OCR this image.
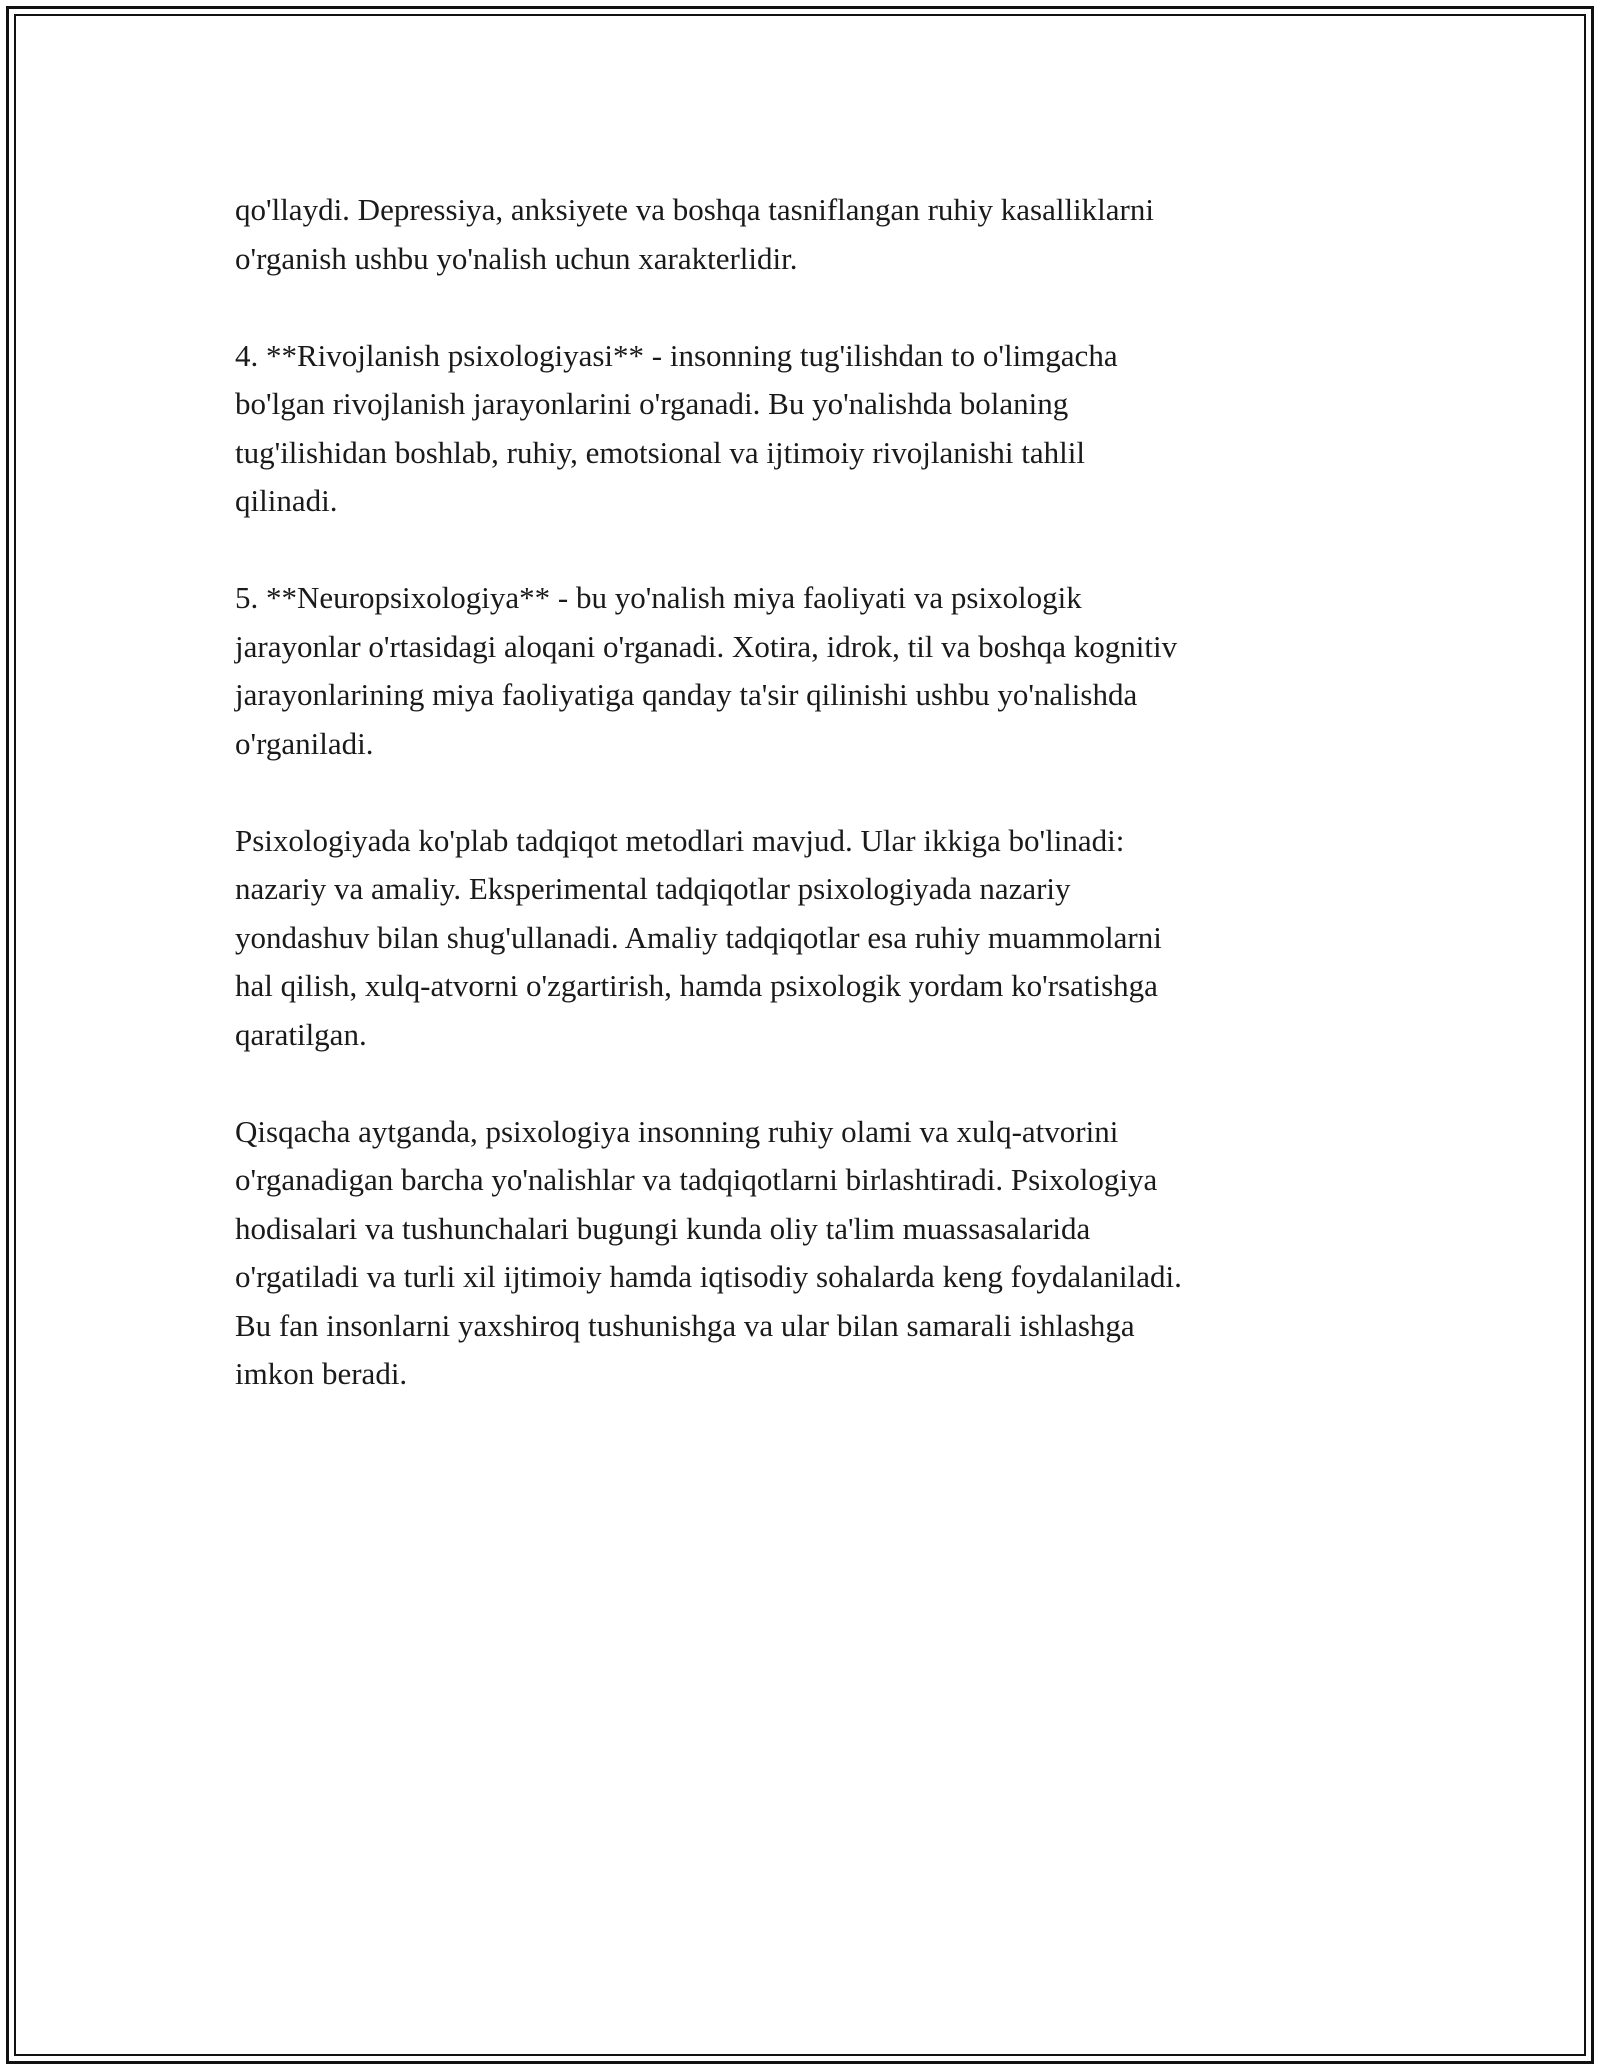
qo'llaydi. Depressiya, anksiyete va boshqa tasniflangan ruhiy kasalliklarni
o'rganish ushbu yo'nalish uchun xarakterlidir.

4. **Rivojlanish psixologiyasi** - insonning tug'ilishdan to o'limgacha
bo'lgan rivojlanish jarayonlarini o'rganadi. Bu yo'nalishda bolaning
tug'ilishidan boshlab, ruhiy, emotsional va ijtimoiy rivojlanishi tahlil
qilinadi.

5. **Neuropsixologiya** - bu yo'nalish miya faoliyati va psixologik
jarayonlar o'rtasidagi aloqani o'rganadi. Xotira, idrok, til va boshqa kognitiv
jarayonlarining miya faoliyatiga qanday ta'sir qilinishi ushbu yo'nalishda
o'rganiladi.

Psixologiyada ko'plab tadqiqot metodlari mavjud. Ular ikkiga bo'linadi:
nazariy va amaliy. Eksperimental tadqiqotlar psixologiyada nazariy
yondashuv bilan shug'ullanadi. Amaliy tadqiqotlar esa ruhiy muammolarni
hal qilish, xulq-atvorni o'zgartirish, hamda psixologik yordam ko'rsatishga
qaratilgan.

Qisqacha aytganda, psixologiya insonning ruhiy olami va xulq-atvorini
o'rganadigan barcha yo'nalishlar va tadqiqotlarni birlashtiradi. Psixologiya
hodisalari va tushunchalari bugungi kunda oliy ta'lim muassasalarida
o'rgatiladi va turli xil ijtimoiy hamda iqtisodiy sohalarda keng foydalaniladi.
Bu fan insonlarni yaxshiroq tushunishga va ular bilan samarali ishlashga
imkon beradi.
